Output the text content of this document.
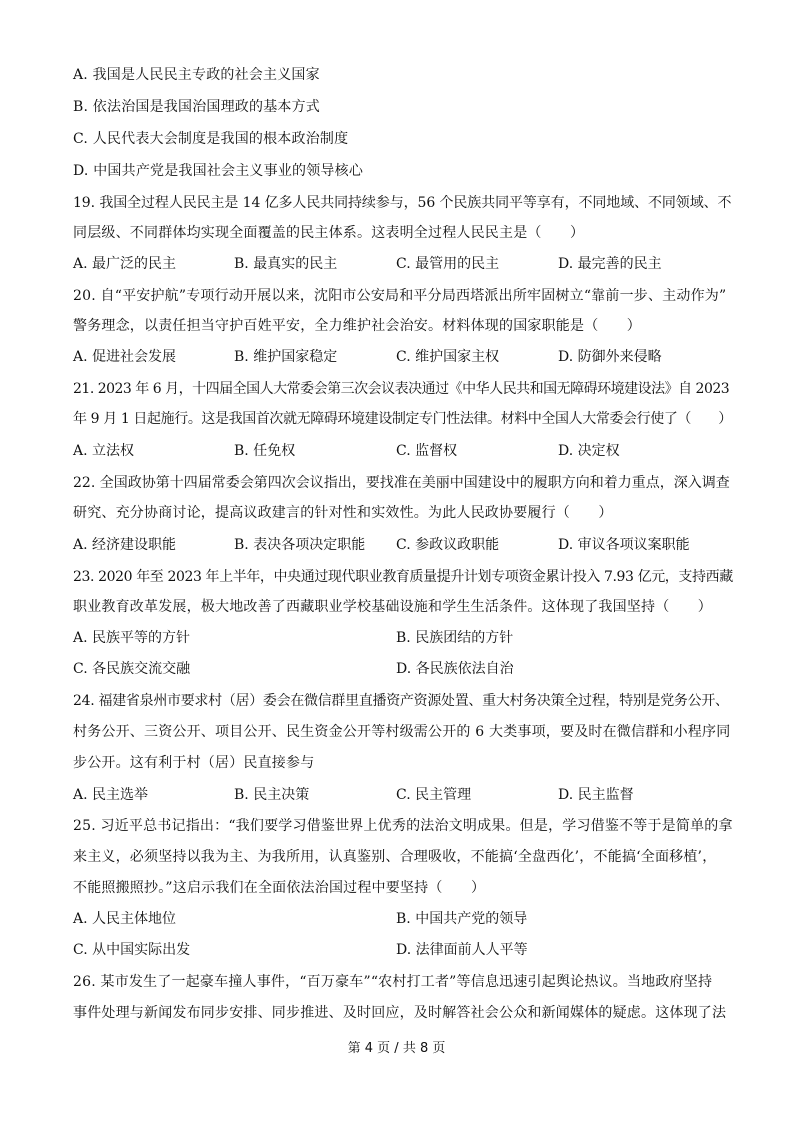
A. 我国是人民民主专政的社会主义国家
B. 依法治国是我国治国理政的基本方式
C. 人民代表大会制度是我国的根本政治制度
D. 中国共产党是我国社会主义事业的领导核心
19. 我国全过程人民民主是 14 亿多人民共同持续参与，56 个民族共同平等享有，不同地域、不同领域、不
同层级、不同群体均实现全面覆盖的民主体系。这表明全过程人民民主是（　　）
A. 最广泛的民主	B. 最真实的民主	C. 最管用的民主	D. 最完善的民主
20. 自“平安护航”专项行动开展以来，沈阳市公安局和平分局西塔派出所牢固树立“靠前一步、主动作为”
警务理念，以责任担当守护百姓平安，全力维护社会治安。材料体现的国家职能是（　　）
A. 促进社会发展	B. 维护国家稳定	C. 维护国家主权	D. 防御外来侵略
21. 2023 年 6 月，十四届全国人大常委会第三次会议表决通过《中华人民共和国无障碍环境建设法》自 2023
年 9 月 1 日起施行。这是我国首次就无障碍环境建设制定专门性法律。材料中全国人大常委会行使了（　　）
A. 立法权	B. 任免权	C. 监督权	D. 决定权
22. 全国政协第十四届常委会第四次会议指出，要找准在美丽中国建设中的履职方向和着力重点，深入调查
研究、充分协商讨论，提高议政建言的针对性和实效性。为此人民政协要履行（　　）
A. 经济建设职能	B. 表决各项决定职能 C. 参政议政职能	D. 审议各项议案职能
23. 2020 年至 2023 年上半年，中央通过现代职业教育质量提升计划专项资金累计投入 7.93 亿元，支持西藏
职业教育改革发展，极大地改善了西藏职业学校基础设施和学生生活条件。这体现了我国坚持（　　）
A. 民族平等的方针	B. 民族团结的方针
C. 各民族交流交融	D. 各民族依法自治
24. 福建省泉州市要求村（居）委会在微信群里直播资产资源处置、重大村务决策全过程，特别是党务公开、
村务公开、三资公开、项目公开、民生资金公开等村级需公开的 6 大类事项，要及时在微信群和小程序同
步公开。这有利于村（居）民直接参与
A. 民主选举	B. 民主决策	C. 民主管理	D. 民主监督
25. 习近平总书记指出：“我们要学习借鉴世界上优秀的法治文明成果。但是，学习借鉴不等于是简单的拿
来主义，必须坚持以我为主、为我所用，认真鉴别、合理吸收，不能搞‘全盘西化’，不能搞‘全面移植’，
不能照搬照抄。”这启示我们在全面依法治国过程中要坚持（　　）
A. 人民主体地位	B. 中国共产党的领导
C. 从中国实际出发	D. 法律面前人人平等
26. 某市发生了一起豪车撞人事件，“百万豪车”“农村打工者”等信息迅速引起舆论热议。当地政府坚持
事件处理与新闻发布同步安排、同步推进、及时回应，及时解答社会公众和新闻媒体的疑虑。这体现了法
第 4 页 / 共 8 页
